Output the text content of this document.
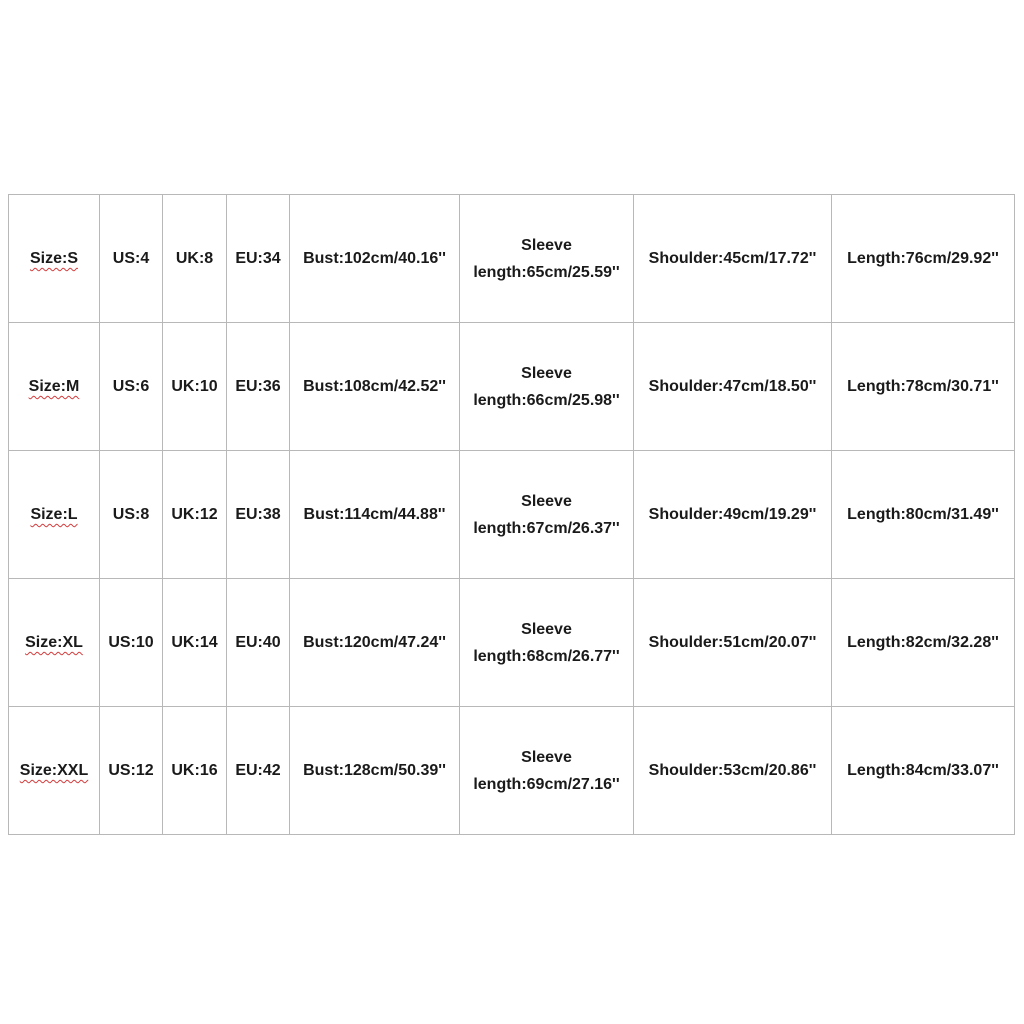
Size:S	US:4	UK:8	EU:34	Bust:102cm/40.16''	Sleeve
length:65cm/25.59''	Shoulder:45cm/17.72''	Length:76cm/29.92''
Size:M	US:6	UK:10	EU:36	Bust:108cm/42.52''	Sleeve
length:66cm/25.98''	Shoulder:47cm/18.50''	Length:78cm/30.71''
Size:L	US:8	UK:12	EU:38	Bust:114cm/44.88''	Sleeve
length:67cm/26.37''	Shoulder:49cm/19.29''	Length:80cm/31.49''
Size:XL	US:10	UK:14	EU:40	Bust:120cm/47.24''	Sleeve
length:68cm/26.77''	Shoulder:51cm/20.07''	Length:82cm/32.28''
Size:XXL	US:12	UK:16	EU:42	Bust:128cm/50.39''	Sleeve
length:69cm/27.16''	Shoulder:53cm/20.86''	Length:84cm/33.07''
